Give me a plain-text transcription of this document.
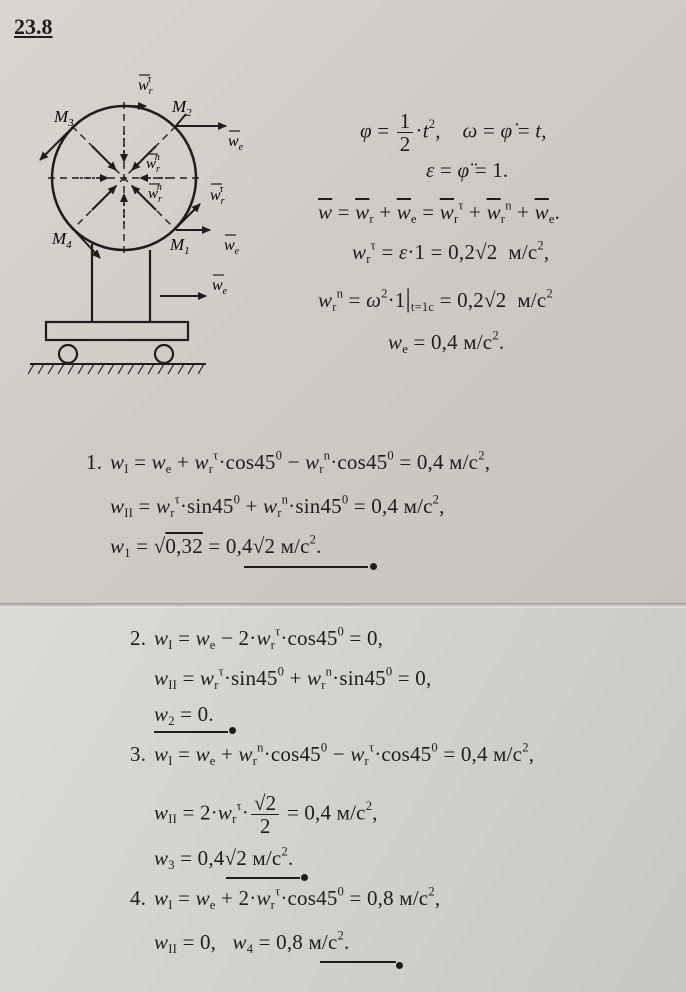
23.8
$M_3$
$M_2$
$M_4$	$M_1$
$w_r\tau$
$w_e$
$w_rn$
$w_rn$	$w_r\tau$
$w_e$
$w_e$
$\varphi = \frac{1}{2} \cdot t^2$,    ω = φ̇ = t,
ε = φ̈ = 1.
$\overline{w} = \overline{w}_r + \overline{w}_e = \overline{w}_r^\tau + \overline{w}_r^n + \overline{w}_e$.
$w_r^\tau = \varepsilon\cdot 1 = 0,2√2$  $м/с^2$,
$w_r^n = \omega^2\cdot 1|_{t=1с} = 0,2√2$  $м/с^2$
$w_e = 0,4$ $м/с^2$.
1. $w_I = w_e + w_r^\tau\cdot\cos 45^0 - w_r^n\cdot\cos 45^0 = 0,4$ $м/с^2$,
$w_{II} = w_r^\tau\cdot\sin 45^0 + w_r^n\cdot\sin 45^0 = 0,4$ $м/с^2$,
$w_1 = √0,32 = 0,4√2$ $м/с^2$.
2. $w_I = w_e - 2\cdot w_r^\tau\cdot\cos 45^0 = 0$,
$w_{II} = w_r^\tau\cdot\sin 45^0 + w_r^n\cdot\sin 45^0 = 0$,
$w_2 = 0$.
3. $w_I = w_e + w_r^n\cdot\cos 45^0 - w_r^\tau\cdot\cos 45^0 = 0,4$ $м/с^2$,
$w_{II} = 2\cdot w_r^\tau\cdot \frac{√2}{2} = 0,4$ $м/с^2$,
$w_3 = 0,4√2$ $м/с^2$.
4. $w_I = w_e + 2\cdot w_r^\tau\cdot\cos 45^0 = 0,8$ $м/с^2$,
$w_{II} = 0$,   $w_4 = 0,8$ $м/с^2$.
